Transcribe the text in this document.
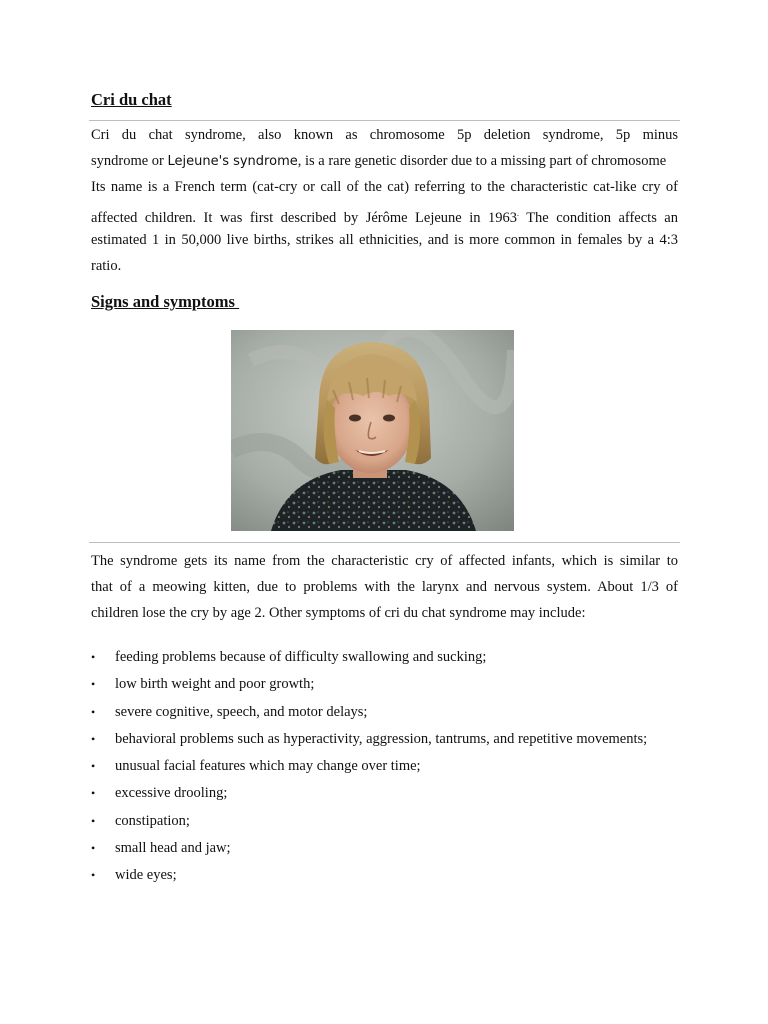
Cri du chat
Cri du chat syndrome, also known as chromosome 5p deletion syndrome, 5p minus
syndrome or Lejeune's syndrome, is a rare genetic disorder due to a missing part of chromosome
Its name is a French term (cat-cry or call of the cat) referring to the characteristic cat-like cry of
affected children. It was first described by Jérôme Lejeune in 1963. The condition affects an
estimated 1 in 50,000 live births, strikes all ethnicities, and is more common in females by a 4:3
ratio.
Signs and symptoms
The syndrome gets its name from the characteristic cry of affected infants, which is similar to
that of a meowing kitten, due to problems with the larynx and nervous system. About 1/3 of
children lose the cry by age 2. Other symptoms of cri du chat syndrome may include:
• feeding problems because of difficulty swallowing and sucking;
• low birth weight and poor growth;
• severe cognitive, speech, and motor delays;
• behavioral problems such as hyperactivity, aggression, tantrums, and repetitive movements;
• unusual facial features which may change over time;
• excessive drooling;
• constipation;
• small head and jaw;
• wide eyes;
